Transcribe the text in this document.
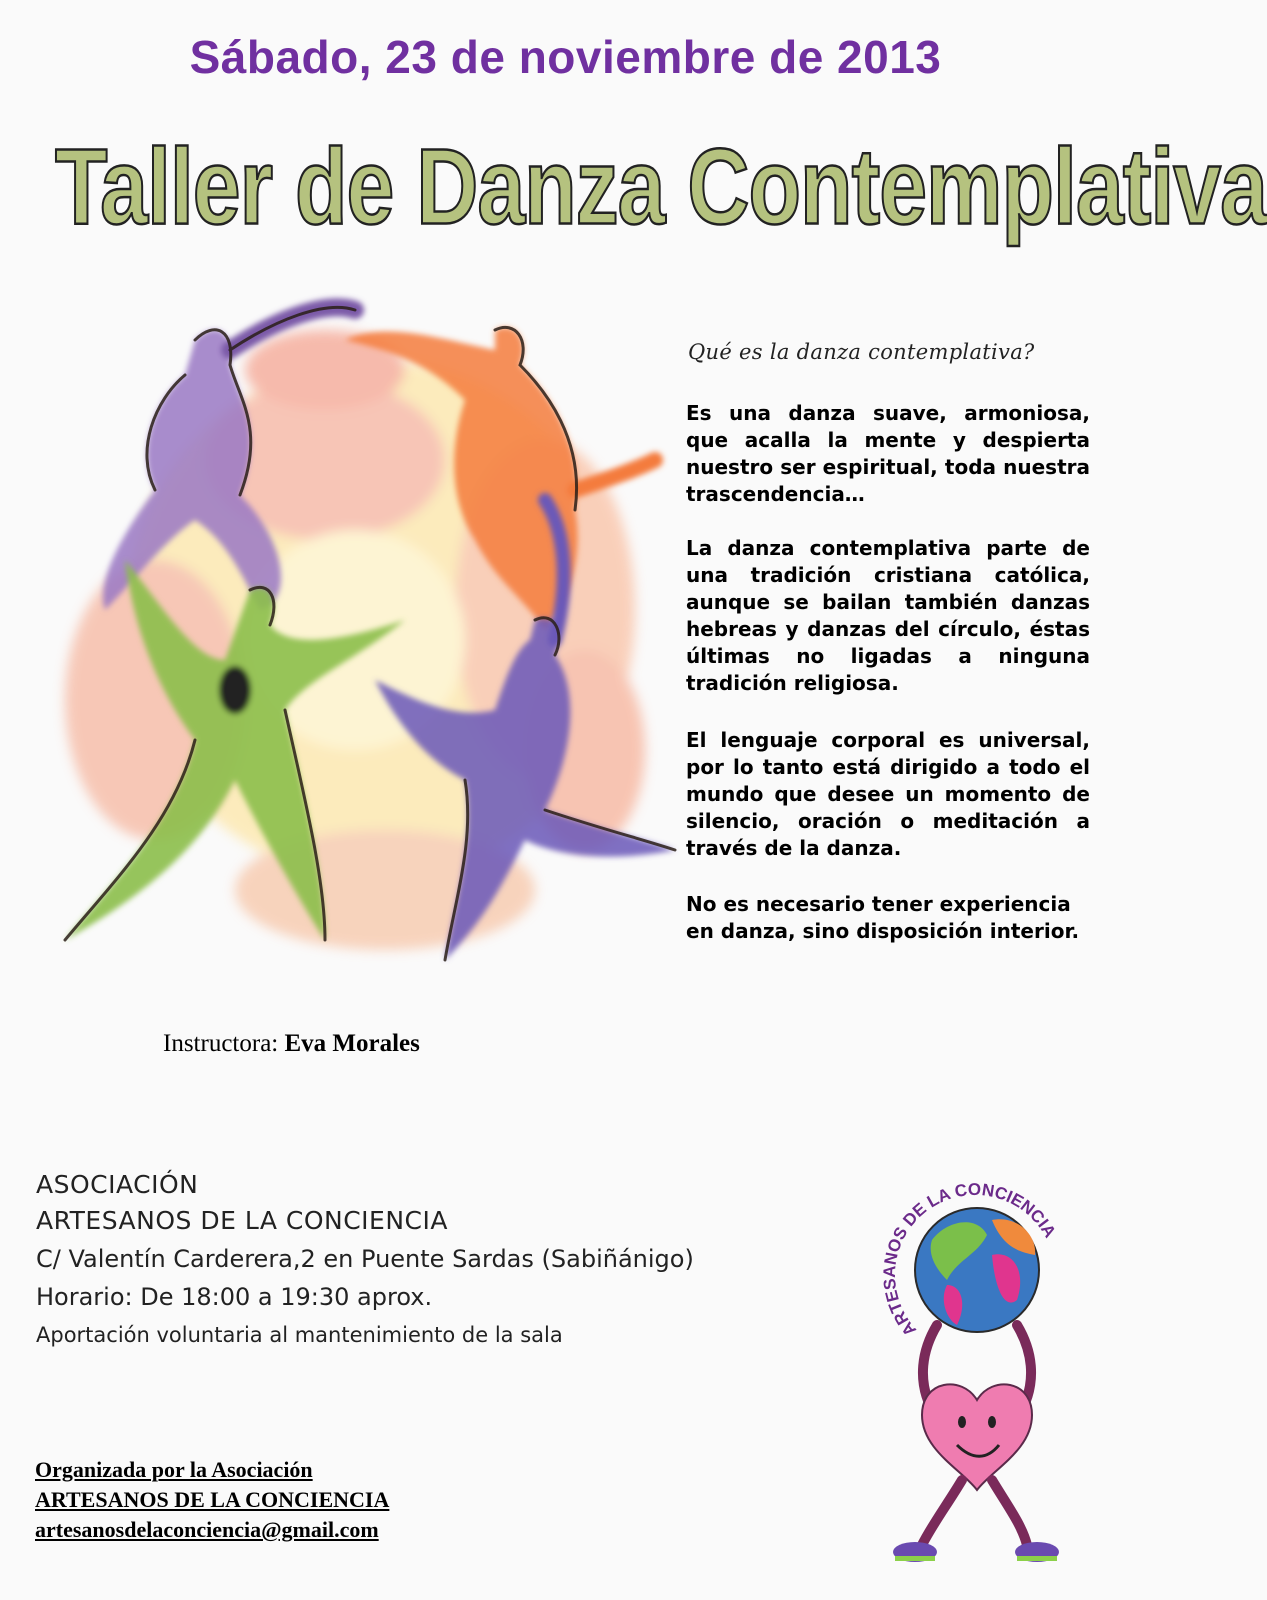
Sábado, 23 de noviembre de 2013
Taller de Danza Contemplativa
Qué es la danza contemplativa?

Es una danza suave, armoniosa, que acalla la mente y despierta nuestro ser espiritual, toda nuestra trascendencia…

La danza contemplativa parte de una tradición cristiana católica, aunque se bailan también danzas hebreas y danzas del círculo, éstas últimas no ligadas a ninguna tradición religiosa.

El lenguaje corporal es universal, por lo tanto está dirigido a todo el mundo que desee un momento de silencio, oración o meditación a través de la danza.

No es necesario tener experiencia en danza, sino disposición interior.

Instructora: Eva Morales
ASOCIACIÓN
ARTESANOS DE LA CONCIENCIA
C/ Valentín Carderera,2 en Puente Sardas (Sabiñánigo)
Horario: De 18:00 a 19:30 aprox.
Aportación voluntaria al mantenimiento de la sala
Organizada por la Asociación
ARTESANOS DE LA CONCIENCIA
artesanosdelaconciencia@gmail.com
ARTESANOS DE LA CONCIENCIA
